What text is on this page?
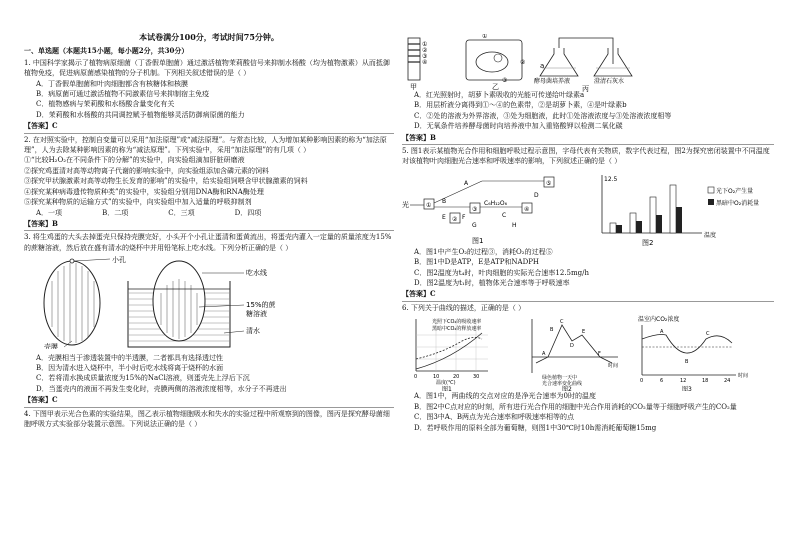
本试卷满分100分，考试时间75分钟。
一、单选题（本题共15小题，每小题2分，共30分）

1. 中国科学家揭示了植物病原细菌（丁香假单胞菌）通过激活植物茉莉酸信号来抑制水杨酸（均为植物激素）从而抵御植物免疫，促进病原菌感染植物的分子机制。下列相关叙述错误的是（ ）

A．丁香假单胞菌和叶肉细胞都含有核糖体和核膜

B．病原菌可通过激活植物不同激素信号来抑制宿主免疫

C．植物感病与茉莉酸和水杨酸含量变化有关

D．茉莉酸和水杨酸的共同调控赋予植物能够灵活防御病原菌的能力

【答案】C

2. 在对照实验中，控制自变量可以采用“加法原理”或“减法原理”。与常态比较，人为增加某种影响因素的称为“加法原理”，人为去除某种影响因素的称为“减法原理”。下列实验中，采用“加法原理”的有几项（ ）

①“比较H₂O₂在不同条件下的分解”的实验中，向实验组滴加肝脏研磨液

②探究鸡蛋清对高等动物离子代谢的影响实验中，向实验组添加含磷元素的饲料

③探究甲状腺激素对高等动物生长发育的影响”的实验中，给实验组饲喂含甲状腺激素的饲料

④探究某种病毒遗传物质种类”的实验中，实验组分别用DNA酶和RNA酶处理

⑤探究某种物质的运输方式”的实验中，向实验组中加入适量的呼吸抑制剂

A．一项	B．二项	C．三项	D．四项
【答案】B

3. 将生鸡蛋的大头去掉蛋壳只保持壳膜完好，小头开个小孔让蛋清和蛋黄流出，将蛋壳内灌入一定量的质量浓度为15%的蔗糖溶液，然后放在盛有清水的烧杯中并用铅笔标上吃水线。下列分析正确的是（ ）

小孔
壳膜
吃水线
15%的蔗
糖溶液
清水

A．壳膜相当于渗透装置中的半透膜，二者都具有选择透过性

B．因为清水进入烧杯中，半小时后吃水线将离于烧杯的水面

C．若将清水换成质量浓度为15%的NaCl溶液，则蛋壳先上浮后下沉

D．当蛋壳内的液面不再发生变化时，壳膜两侧的溶液浓度相等，水分子不再进出

【答案】C

4. 下图甲表示光合色素的实验结果，图乙表示植物细胞吸水和失水的实验过程中所观察到的图像，图丙是探究酵母菌细胞呼吸方式实验部分装置示意图。下列说法正确的是（ ）

①
②
③
④
甲
①
②
③
乙
a
酵母菌培养液	澄清石灰水
丙

A．红光照射时，胡萝卜素吸收的光能可传递给叶绿素a

B．用层析液分离得到①～④的色素带，②是胡萝卜素，④是叶绿素b

C．②处的溶液为外界溶液，③处为细胞液，此时①处溶液浓度与③处溶液浓度相等

D．无氧条件培养酵母菌时向培养液中加入重铬酸钾以检测二氧化碳

【答案】B

5. 图1表示某植物光合作用和细胞呼吸过程示意图，字母代表有关物质，数字代表过程，图2为探究密闭装置中不同温度对该植物叶肉细胞光合速率和呼吸速率的影响，下列叙述正确的是（ ）

光	①
②
③	④
⑤
A
B
E	F
C₆H₁₂O₆
C
D
G	H
图1
12.5
光下O₂产生量
黑暗中O₂消耗量
温度
图2

A．图1中产生O₂的过程③，消耗O₂的过程⑤

B．图1中D是ATP，E是ATP和NADPH

C．图2温度为t₄时，叶肉细胞的实际光合速率12.5mg/h

D．图2温度为t₁时，植物体光合速率等于呼吸速率

【答案】C

6. 下列关于曲线的描述，正确的是（ ）

光照下CO₂的吸收速率
黑暗中CO₂的释放速率
0	10	20	30
温度(℃)
图1
A
B
C
D
E
F
时间
绿色植物一天中
光合速率变化曲线
图2
温室内CO₂浓度
A
B
C
0	6	12	18	24
时间
图3

A．图1中，两曲线的交点对应的是净光合速率为0时的温度

B．图2中C点对应的时刻，所有进行光合作用的细胞中光合作用消耗的CO₂量等于细胞呼吸产生的CO₂量

C．图3中A、B两点为光合速率和呼吸速率相等的点

D．若呼吸作用的原料全部为葡萄糖，则图1中30℃时10h需消耗葡萄糖15mg
